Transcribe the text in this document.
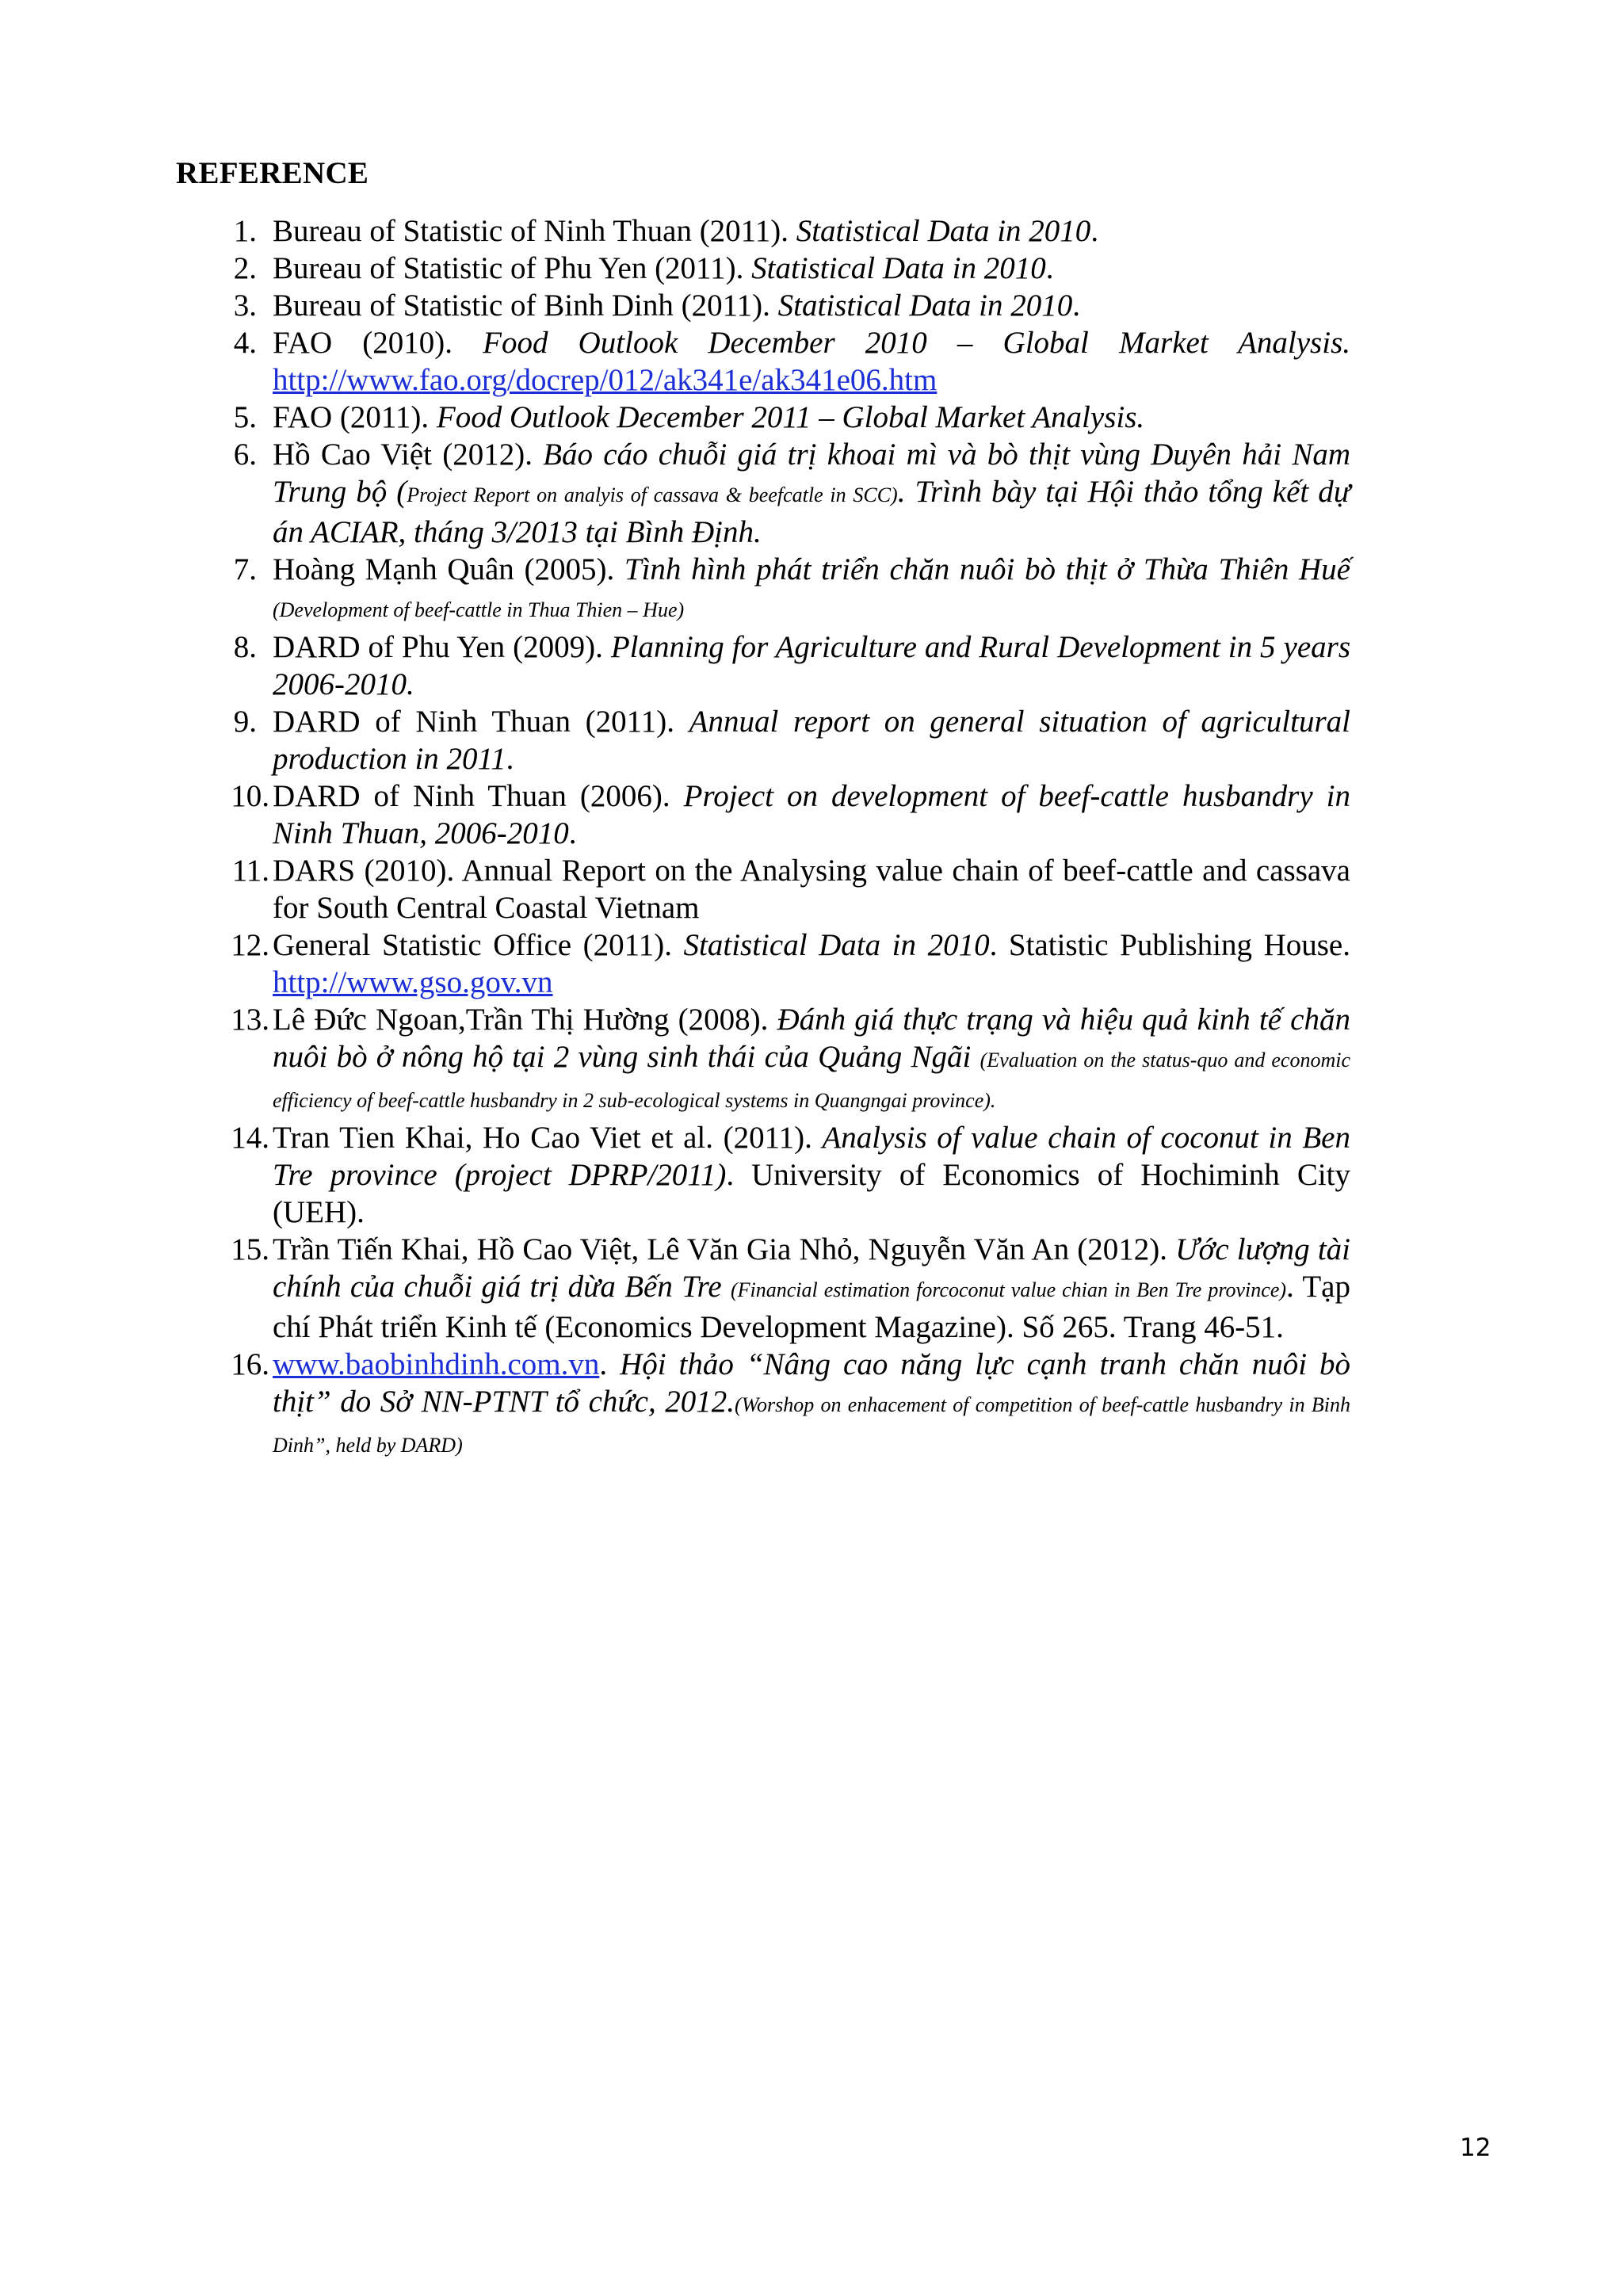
REFERENCE
1. Bureau of Statistic of Ninh Thuan (2011). Statistical Data in 2010.
2. Bureau of Statistic of Phu Yen (2011). Statistical Data in 2010.
3. Bureau of Statistic of Binh Dinh (2011). Statistical Data in 2010.
4. FAO (2010). Food Outlook December 2010 – Global Market Analysis. http://www.fao.org/docrep/012/ak341e/ak341e06.htm
5. FAO (2011). Food Outlook December 2011 – Global Market Analysis.
6. Hồ Cao Việt (2012). Báo cáo chuỗi giá trị khoai mì và bò thịt vùng Duyên hải Nam Trung bộ (Project Report on analyis of cassava & beefcatle in SCC). Trình bày tại Hội thảo tổng kết dự án ACIAR, tháng 3/2013 tại Bình Định.
7. Hoàng Mạnh Quân (2005). Tình hình phát triển chăn nuôi bò thịt ở Thừa Thiên Huế (Development of beef-cattle in Thua Thien – Hue)
8. DARD of Phu Yen (2009). Planning for Agriculture and Rural Development in 5 years 2006-2010.
9. DARD of Ninh Thuan (2011). Annual report on general situation of agricultural production in 2011.
10. DARD of Ninh Thuan (2006). Project on development of beef-cattle husbandry in Ninh Thuan, 2006-2010.
11. DARS (2010). Annual Report on the Analysing value chain of beef-cattle and cassava for South Central Coastal Vietnam
12. General Statistic Office (2011). Statistical Data in 2010. Statistic Publishing House. http://www.gso.gov.vn
13. Lê Đức Ngoan,Trần Thị Hường (2008). Đánh giá thực trạng và hiệu quả kinh tế chăn nuôi bò ở nông hộ tại 2 vùng sinh thái của Quảng Ngãi (Evaluation on the status-quo and economic efficiency of beef-cattle husbandry in 2 sub-ecological systems in Quangngai province).
14. Tran Tien Khai, Ho Cao Viet et al. (2011). Analysis of value chain of coconut in Ben Tre province (project DPRP/2011). University of Economics of Hochiminh City (UEH).
15. Trần Tiến Khai, Hồ Cao Việt, Lê Văn Gia Nhỏ, Nguyễn Văn An (2012). Ước lượng tài chính của chuỗi giá trị dừa Bến Tre (Financial estimation forcoconut value chian in Ben Tre province). Tạp chí Phát triển Kinh tế (Economics Development Magazine). Số 265. Trang 46-51.
16. www.baobinhdinh.com.vn. Hội thảo “Nâng cao năng lực cạnh tranh chăn nuôi bò thịt” do Sở NN-PTNT tổ chức, 2012.(Worshop on enhacement of competition of beef-cattle husbandry in Binh Dinh”, held by DARD)
12
